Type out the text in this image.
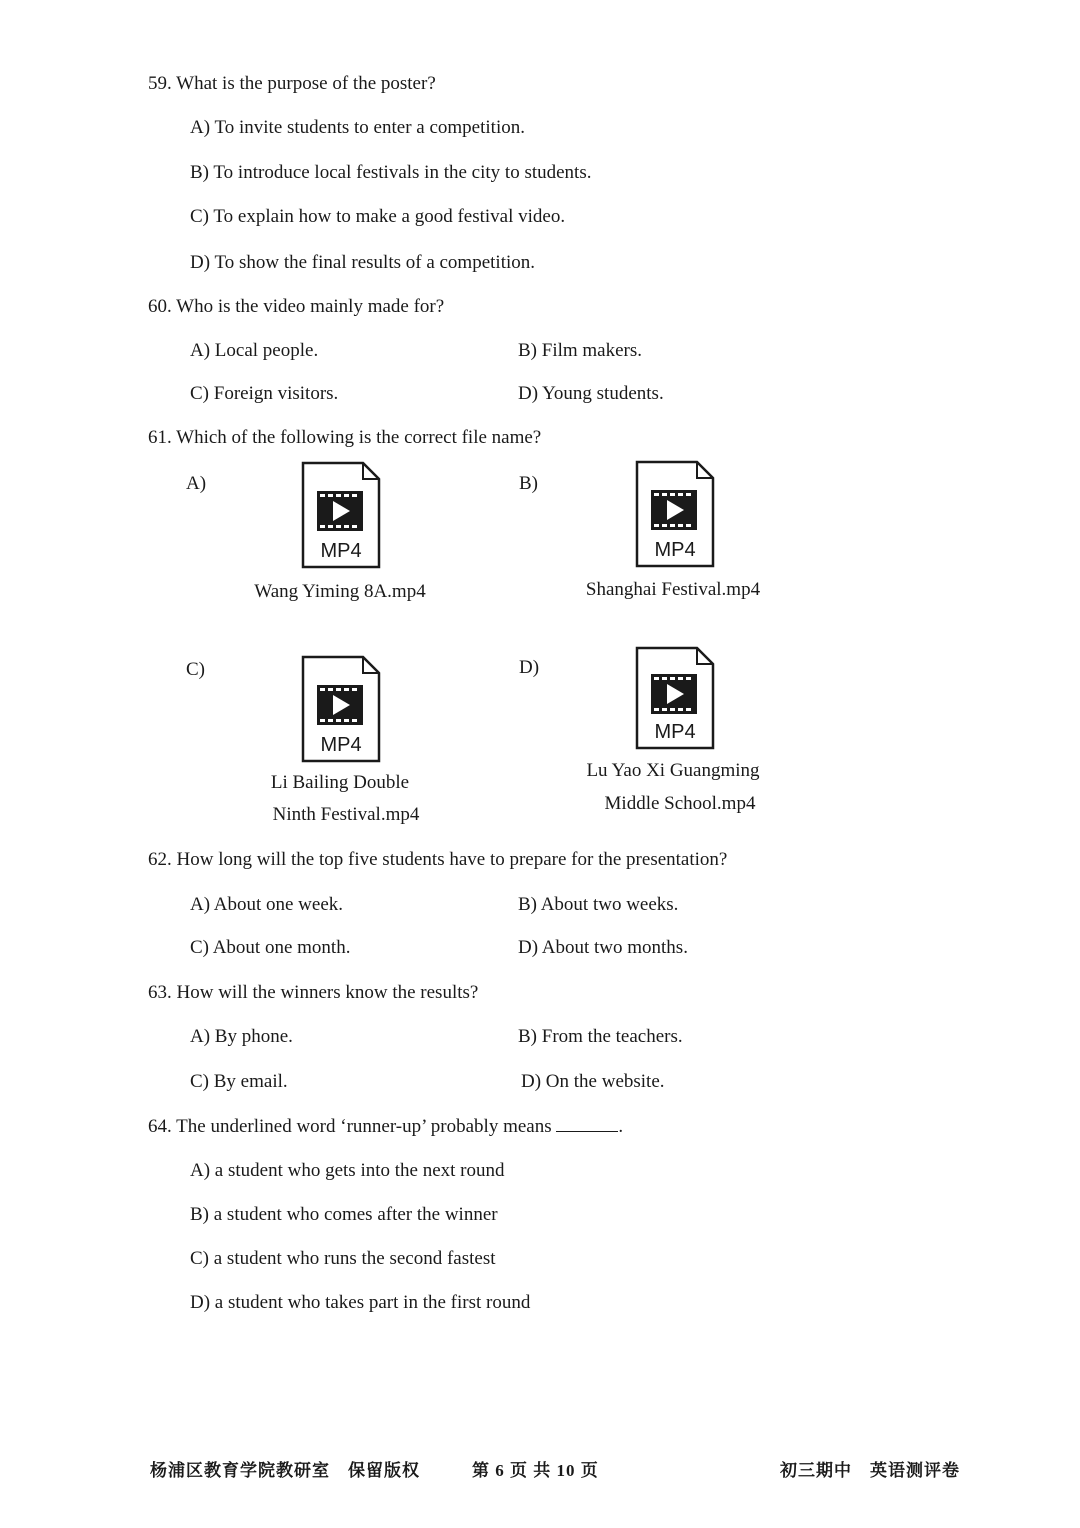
59. What is the purpose of the poster?
A) To invite students to enter a competition.
B) To introduce local festivals in the city to students.
C) To explain how to make a good festival video.
D) To show the final results of a competition.
60. Who is the video mainly made for?
A) Local people.	B) Film makers.
C) Foreign visitors.	D) Young students.
61. Which of the following is the correct file name?
A)
MP4
Wang Yiming 8A.mp4
B)
MP4
Shanghai Festival.mp4
C)
MP4
Li Bailing Double
Ninth Festival.mp4
D)
MP4
Lu Yao Xi Guangming
Middle School.mp4
62. How long will the top five students have to prepare for the presentation?
A) About one week.	B) About two weeks.
C) About one month.	D) About two months.
63. How will the winners know the results?
A) By phone.	B) From the teachers.
C) By email.	D) On the website.
64. The underlined word ‘runner-up’ probably means	.
A) a student who gets into the next round
B) a student who comes after the winner
C) a student who runs the second fastest
D) a student who takes part in the first round
杨浦区教育学院教研室　保留版权	第 6 页 共 10 页	初三期中　英语测评卷
